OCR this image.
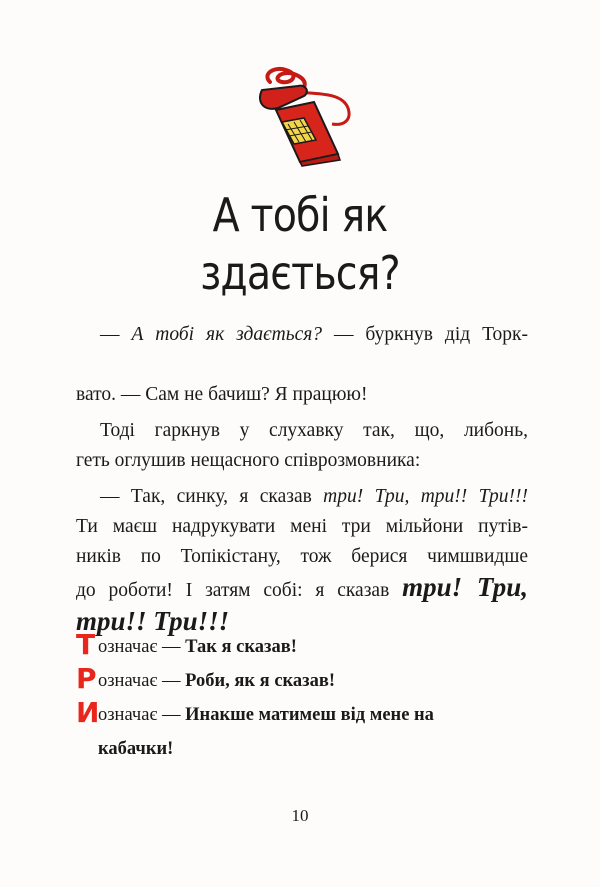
А тобі як
здається?

— А тобі як здається? — буркнув дід Торк-
вато. — Сам не бачиш? Я працюю!

Тоді гаркнув у слухавку так, що, либонь,
геть оглушив нещасного співрозмовника:

— Так, синку, я сказав три! Три, три!! Три!!!
Ти маєш надрукувати мені три мільйони путів-
ників по Топікістану, тож берися чимшвидше
до роботи! І затям собі: я сказав три! Три,
три!! Три!!!

Т означає — Так я сказав!
Р означає — Роби, як я сказав!
И
означає — Инакше матимеш від мене на
кабачки!
10
